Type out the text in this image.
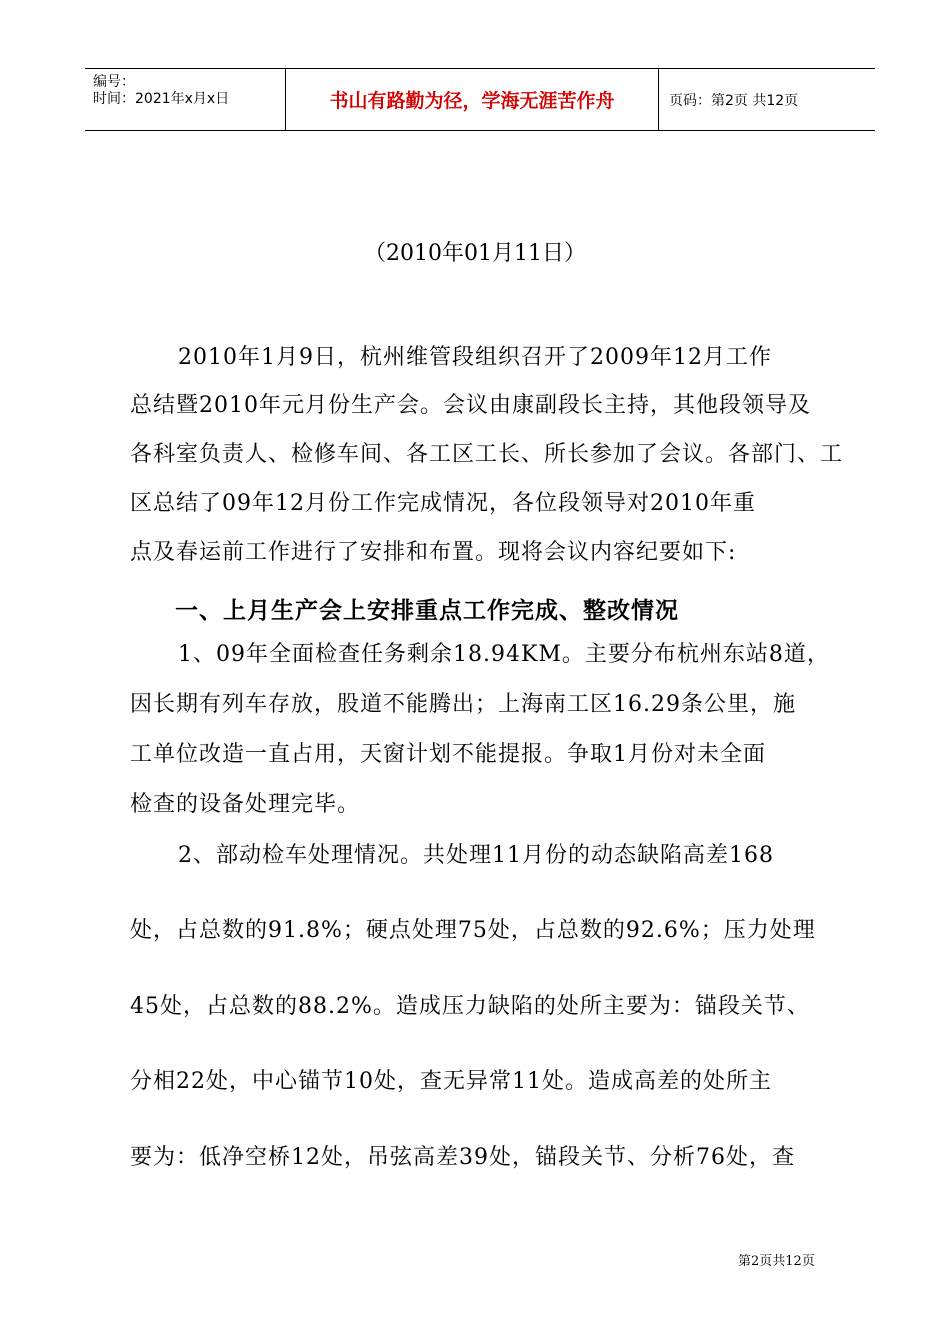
编号：
时间：2021年x月x日	书山有路勤为径，学海无涯苦作舟	页码：第2页 共12页
（2010年01月11日）
2010年1月9日，杭州维管段组织召开了2009年12月工作
总结暨2010年元月份生产会。会议由康副段长主持，其他段领导及
各科室负责人、检修车间、各工区工长、所长参加了会议。各部门、工
区总结了09年12月份工作完成情况，各位段领导对2010年重
点及春运前工作进行了安排和布置。现将会议内容纪要如下:
一、上月生产会上安排重点工作完成、整改情况
1、09年全面检查任务剩余18.94KM。主要分布杭州东站8道，
因长期有列车存放，股道不能腾出；上海南工区16.29条公里，施
工单位改造一直占用，天窗计划不能提报。争取1月份对未全面
检查的设备处理完毕。
2、部动检车处理情况。共处理11月份的动态缺陷高差168
处，占总数的91.8%；硬点处理75处，占总数的92.6%；压力处理
45处，占总数的88.2%。造成压力缺陷的处所主要为：锚段关节、
分相22处，中心锚节10处，查无异常11处。造成高差的处所主
要为：低净空桥12处，吊弦高差39处，锚段关节、分析76处，查
第2页共12页
